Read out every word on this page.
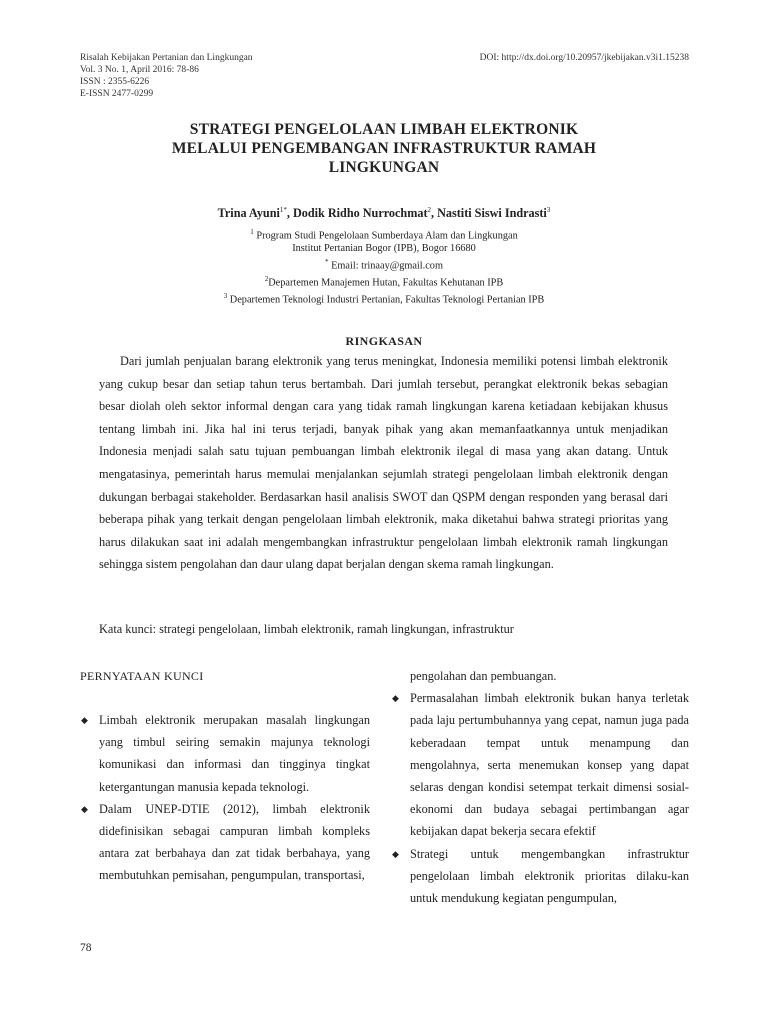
Risalah Kebijakan Pertanian dan Lingkungan
Vol. 3 No. 1, April 2016: 78-86
ISSN : 2355-6226
E-ISSN 2477-0299
DOI: http://dx.doi.org/10.20957/jkebijakan.v3i1.15238
STRATEGI PENGELOLAAN LIMBAH ELEKTRONIK
MELALUI PENGEMBANGAN INFRASTRUKTUR RAMAH
LINGKUNGAN
Trina Ayuni$^{1*}$, Dodik Ridho Nurrochmat$^2$, Nastiti Siswi Indrasti$^3$
$^1$ Program Studi Pengelolaan Sumberdaya Alam dan Lingkungan
Institut Pertanian Bogor (IPB), Bogor 16680
* Email: trinaay@gmail.com
$^2$Departemen Manajemen Hutan, Fakultas Kehutanan IPB
$^3$ Departemen Teknologi Industri Pertanian, Fakultas Teknologi Pertanian IPB
RINGKASAN
Dari jumlah penjualan barang elektronik yang terus meningkat, Indonesia memiliki potensi limbah elektronik yang cukup besar dan setiap tahun terus bertambah. Dari jumlah tersebut, perangkat elektronik bekas sebagian besar diolah oleh sektor informal dengan cara yang tidak ramah lingkungan karena ketiadaan kebijakan khusus tentang limbah ini. Jika hal ini terus terjadi, banyak pihak yang akan memanfaatkannya untuk menjadikan Indonesia menjadi salah satu tujuan pembuangan limbah elektronik ilegal di masa yang akan datang. Untuk mengatasinya, pemerintah harus memulai menjalankan sejumlah strategi pengelolaan limbah elektronik dengan dukungan berbagai stakeholder. Berdasarkan hasil analisis SWOT dan QSPM dengan responden yang berasal dari beberapa pihak yang terkait dengan pengelolaan limbah elektronik, maka diketahui bahwa strategi prioritas yang harus dilakukan saat ini adalah mengembangkan infrastruktur pengelolaan limbah elektronik ramah lingkungan sehingga sistem pengolahan dan daur ulang dapat berjalan dengan skema ramah lingkungan.
Kata kunci: strategi pengelolaan, limbah elektronik, ramah lingkungan, infrastruktur
PERNYATAAN KUNCI
◆ Limbah elektronik merupakan masalah lingkungan yang timbul seiring semakin majunya teknologi komunikasi dan informasi dan tingginya tingkat ketergantungan manusia kepada teknologi.
◆ Dalam UNEP-DTIE (2012), limbah elektronik didefinisikan sebagai campuran limbah kompleks antara zat berbahaya dan zat tidak berbahaya, yang membutuhkan pemisahan, pengumpulan, transportasi,
pengolahan dan pembuangan.
◆ Permasalahan limbah elektronik bukan hanya terletak pada laju pertumbuhannya yang cepat, namun juga pada keberadaan tempat untuk menampung dan mengolahnya, serta menemukan konsep yang dapat selaras dengan kondisi setempat terkait dimensi sosial-ekonomi dan budaya sebagai pertimbangan agar kebijakan dapat bekerja secara efektif
◆ Strategi untuk mengembangkan infrastruktur pengelolaan limbah elektronik prioritas dilaku-kan untuk mendukung kegiatan pengumpulan,
78
